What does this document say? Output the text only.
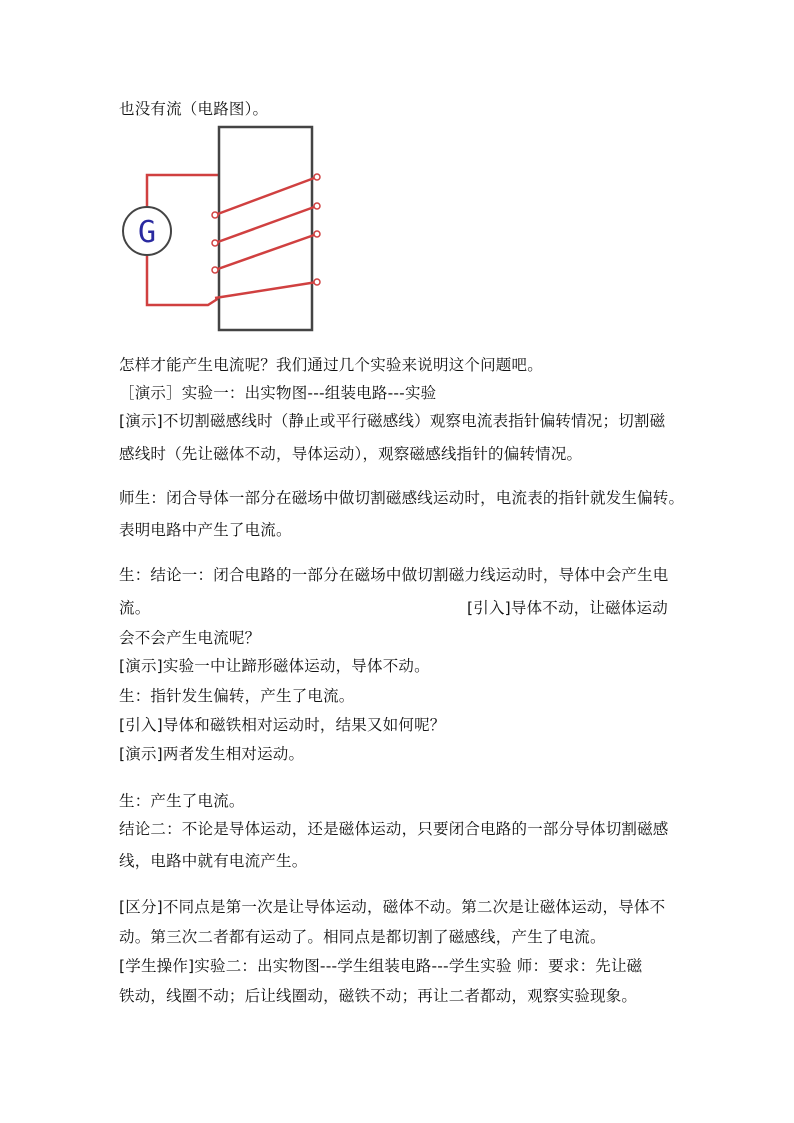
也没有流（电路图）。
G
怎样才能产生电流呢？我们通过几个实验来说明这个问题吧。
［演示］实验一：出实物图---组装电路---实验
[演示]不切割磁感线时（静止或平行磁感线）观察电流表指针偏转情况；切割磁
感线时（先让磁体不动，导体运动），观察磁感线指针的偏转情况。
师生：闭合导体一部分在磁场中做切割磁感线运动时，电流表的指针就发生偏转。
表明电路中产生了电流。
生：结论一：闭合电路的一部分在磁场中做切割磁力线运动时，导体中会产生电
流。	[引入]导体不动，让磁体运动
会不会产生电流呢？
[演示]实验一中让蹄形磁体运动，导体不动。
生：指针发生偏转，产生了电流。
[引入]导体和磁铁相对运动时，结果又如何呢？
[演示]两者发生相对运动。
生：产生了电流。
结论二：不论是导体运动，还是磁体运动，只要闭合电路的一部分导体切割磁感
线，电路中就有电流产生。
[区分]不同点是第一次是让导体运动，磁体不动。第二次是让磁体运动，导体不
动。第三次二者都有运动了。相同点是都切割了磁感线，产生了电流。
[学生操作]实验二：出实物图---学生组装电路---学生实验 师：要求：先让磁
铁动，线圈不动；后让线圈动，磁铁不动；再让二者都动，观察实验现象。
